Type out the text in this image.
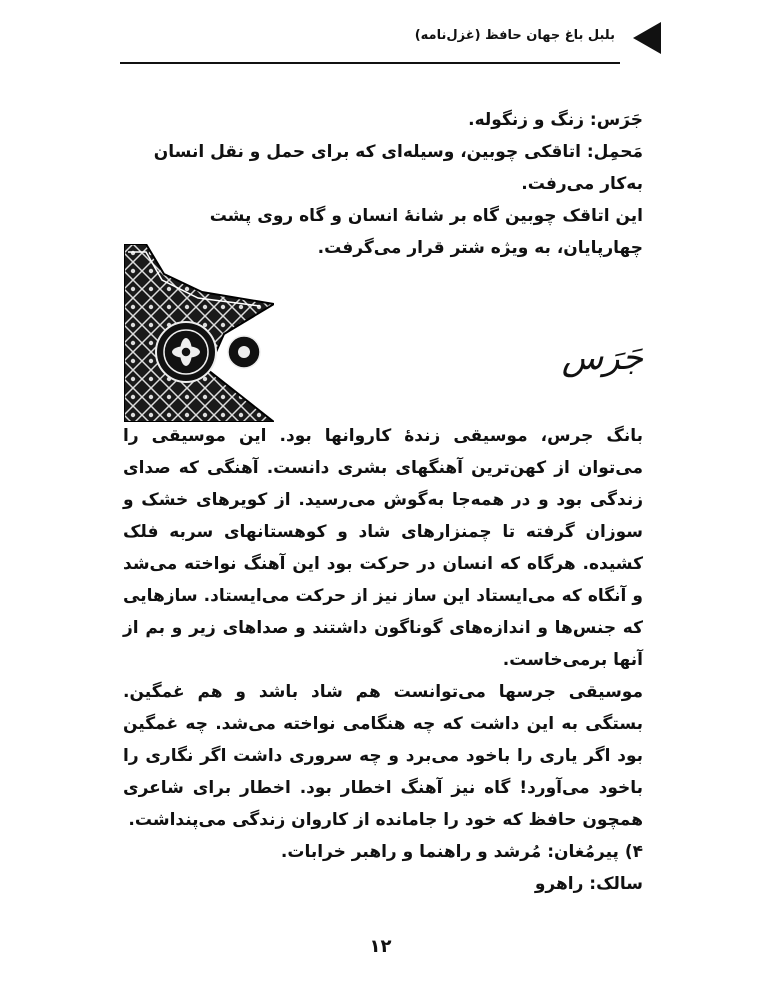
بلبل باغ جهان حافظ (غزل‌نامه)

جَرَس: زنگ و زنگوله.

مَحمِل: اتاقکی چوبین، وسیله‌ای که برای حمل و نقل انسان به‌کار می‌رفت.

این اتاقک چوبین گاه بر شانهٔ انسان و گاه روی پشت چهارپایان، به ویژه شتر قرار می‌گرفت.

جَرَس

بانگ جرس، موسیقی زندهٔ کاروانها بود. این موسیقی را می‌توان از کهن‌ترین آهنگهای بشری دانست. آهنگی که صدای زندگی بود و در همه‌جا به‌گوش می‌رسید. از کویرهای خشک و سوزان گرفته تا چمنزارهای شاد و کوهستانهای سربه فلک کشیده. هرگاه که انسان در حرکت بود این آهنگ نواخته می‌شد و آنگاه که می‌ایستاد این ساز نیز از حرکت می‌ایستاد. سازهایی که جنس‌ها و اندازه‌های گوناگون داشتند و صداهای زیر و بم از آنها برمی‌خاست.

موسیقی جرسها می‌توانست هم شاد باشد و هم غمگین. بستگی به این داشت که چه هنگامی نواخته می‌شد. چه غمگین بود اگر یاری را باخود می‌برد و چه سروری داشت اگر نگاری را باخود می‌آورد! گاه نیز آهنگ اخطار بود. اخطار برای شاعری همچون حافظ که خود را جامانده از کاروان زندگی می‌پنداشت.

۴) پیرمُغان: مُرشد و راهنما و راهبر خرابات.

سالک: راهرو

۱۲
